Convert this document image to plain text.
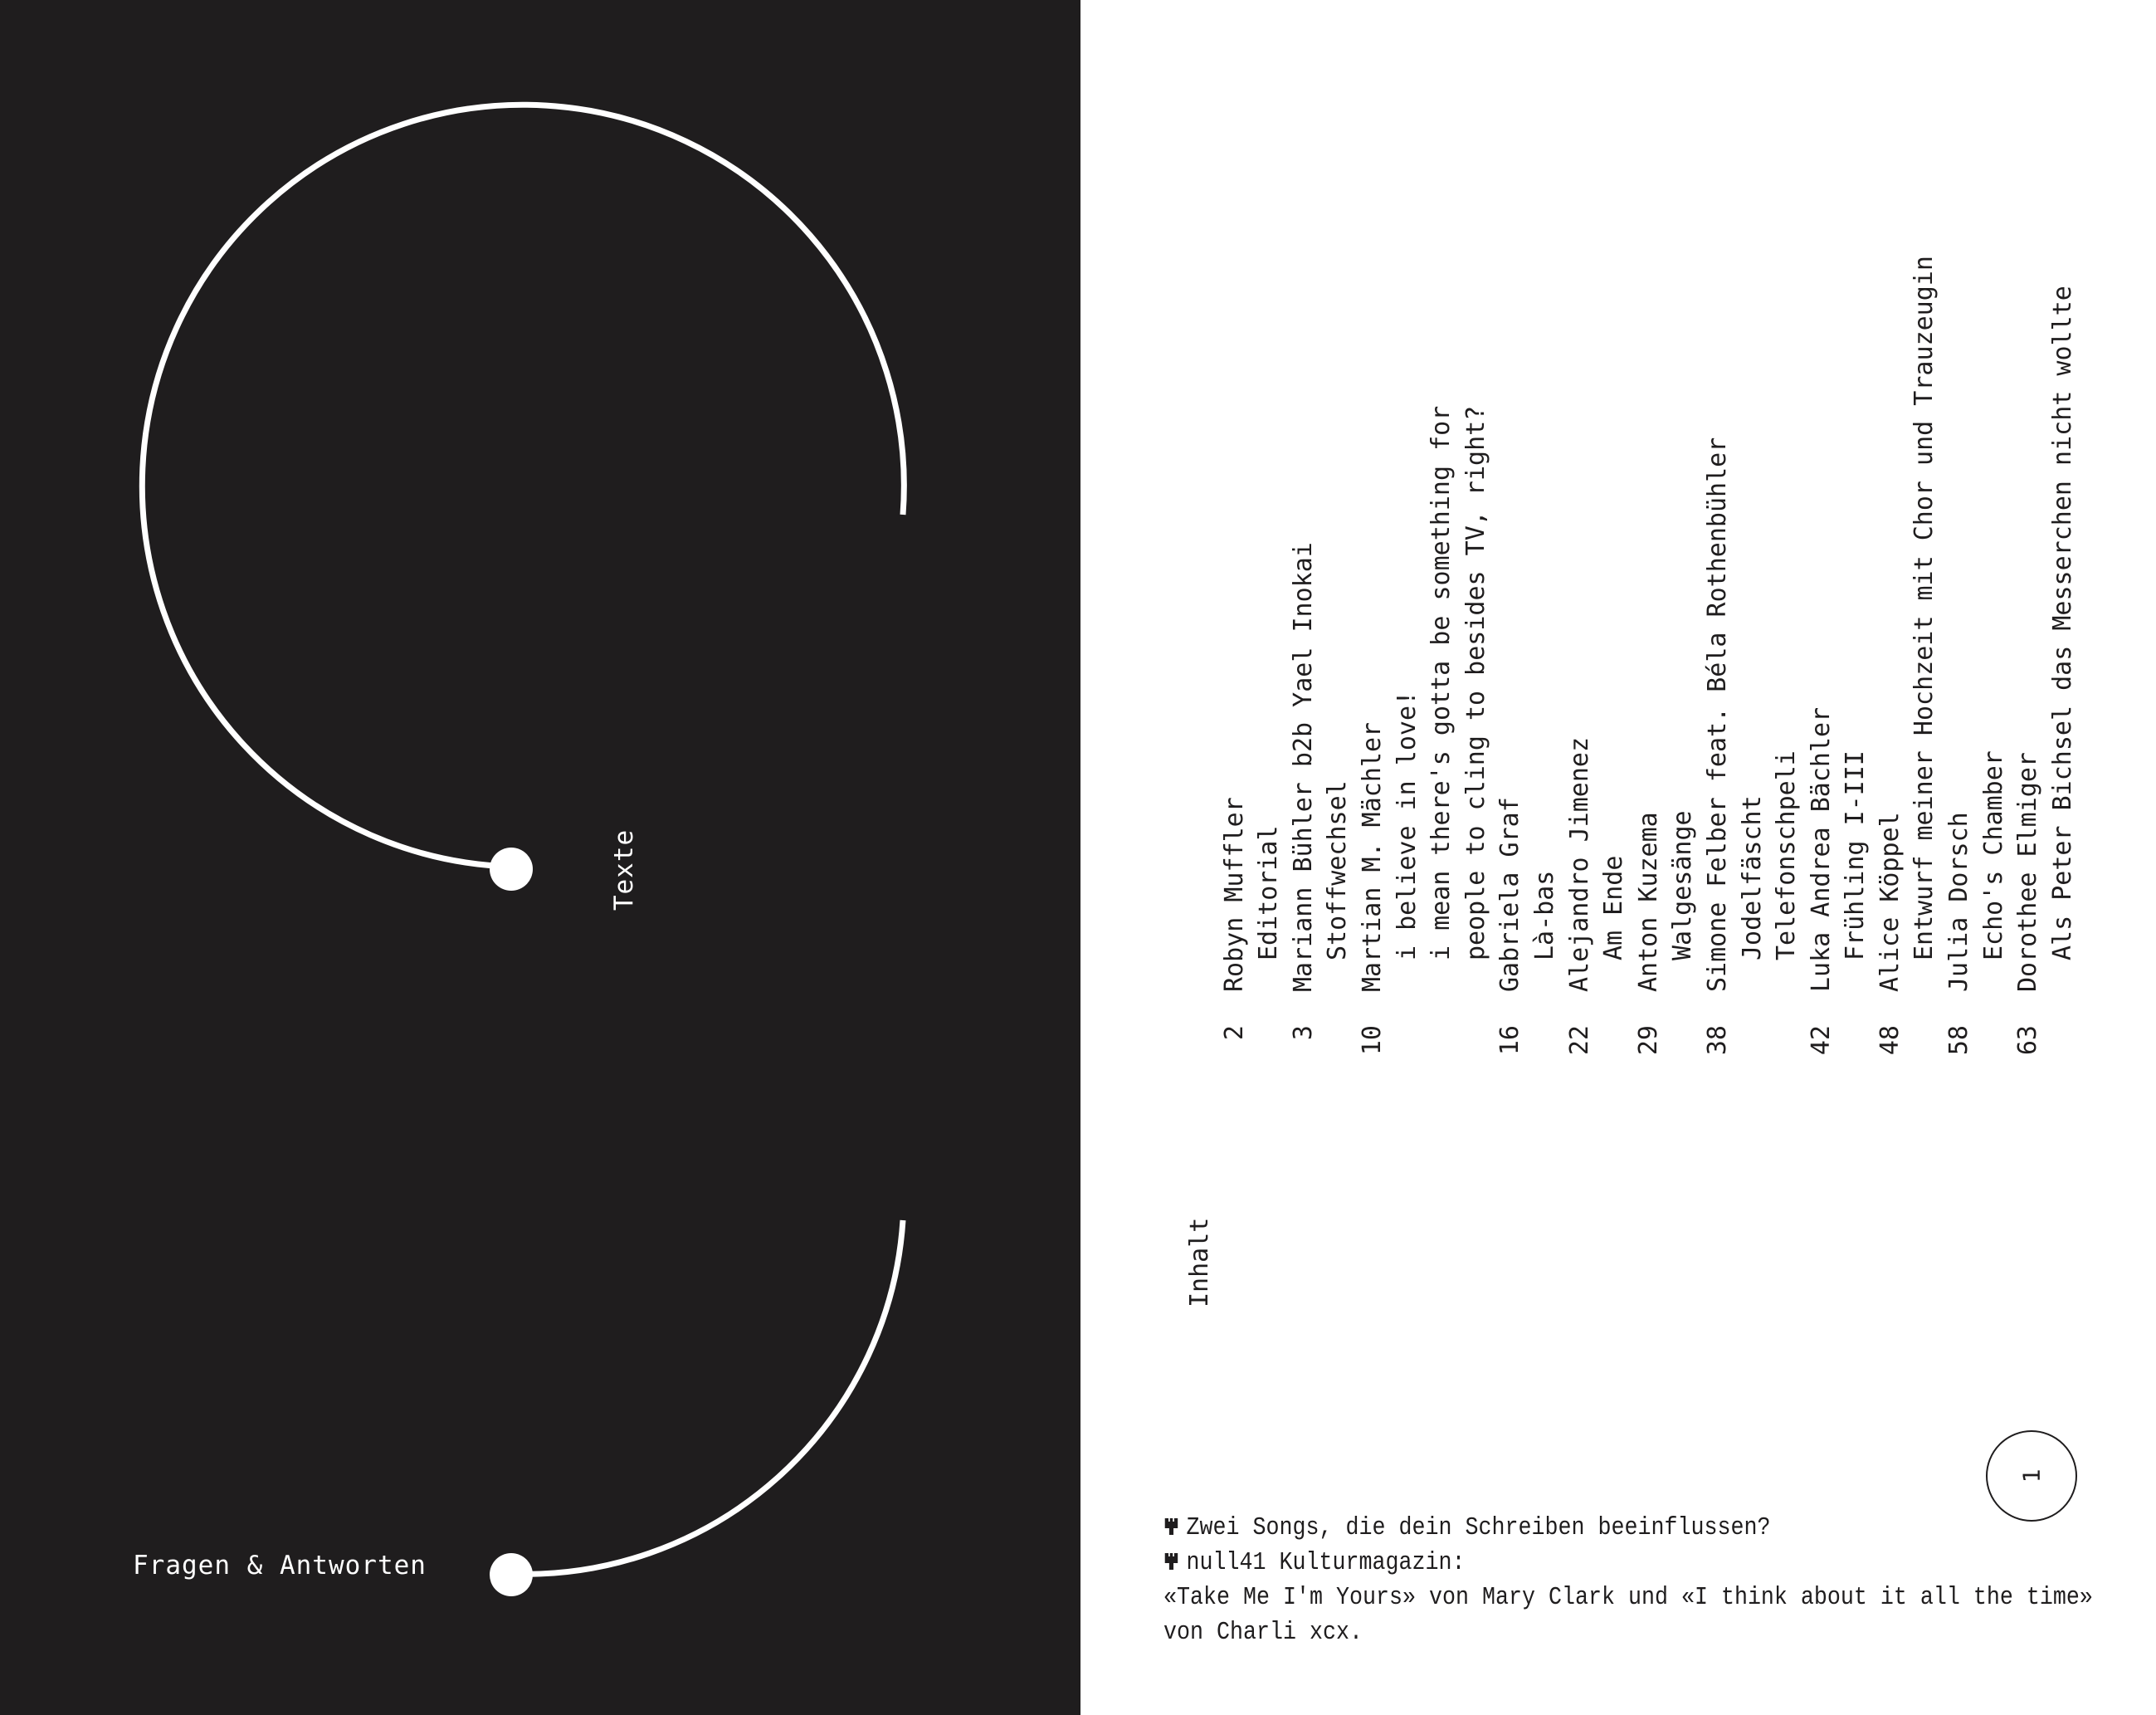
Texte
Fragen & Antworten
Inhalt
2
Robyn Muffler Editorial
3
Mariann Bühler b2b Yael Inokai Stoffwechsel
10
Martian M. Mächler i believe in love! i mean there's gotta be something for people to cling to besides TV, right?
16
Gabriela Graf Là-bas
22
Alejandro Jimenez Am Ende
29
Anton Kuzema Walgesänge
38
Simone Felber feat. Béla Rothenbühler Jodelfäscht Telefonschpeli
42
Luka Andrea Bächler Frühling I-III
48
Alice Köppel Entwurf meiner Hochzeit mit Chor und Trauzeugin
58
Julia Dorsch Echo's Chamber
63
Dorothee Elmiger Als Peter Bichsel das Messerchen nicht wollte
1
Zwei Songs, die dein Schreiben beeinflussen?
null41 Kulturmagazin:
«Take Me I'm Yours» von Mary Clark und «I think about it all the time»
von Charli xcx.
